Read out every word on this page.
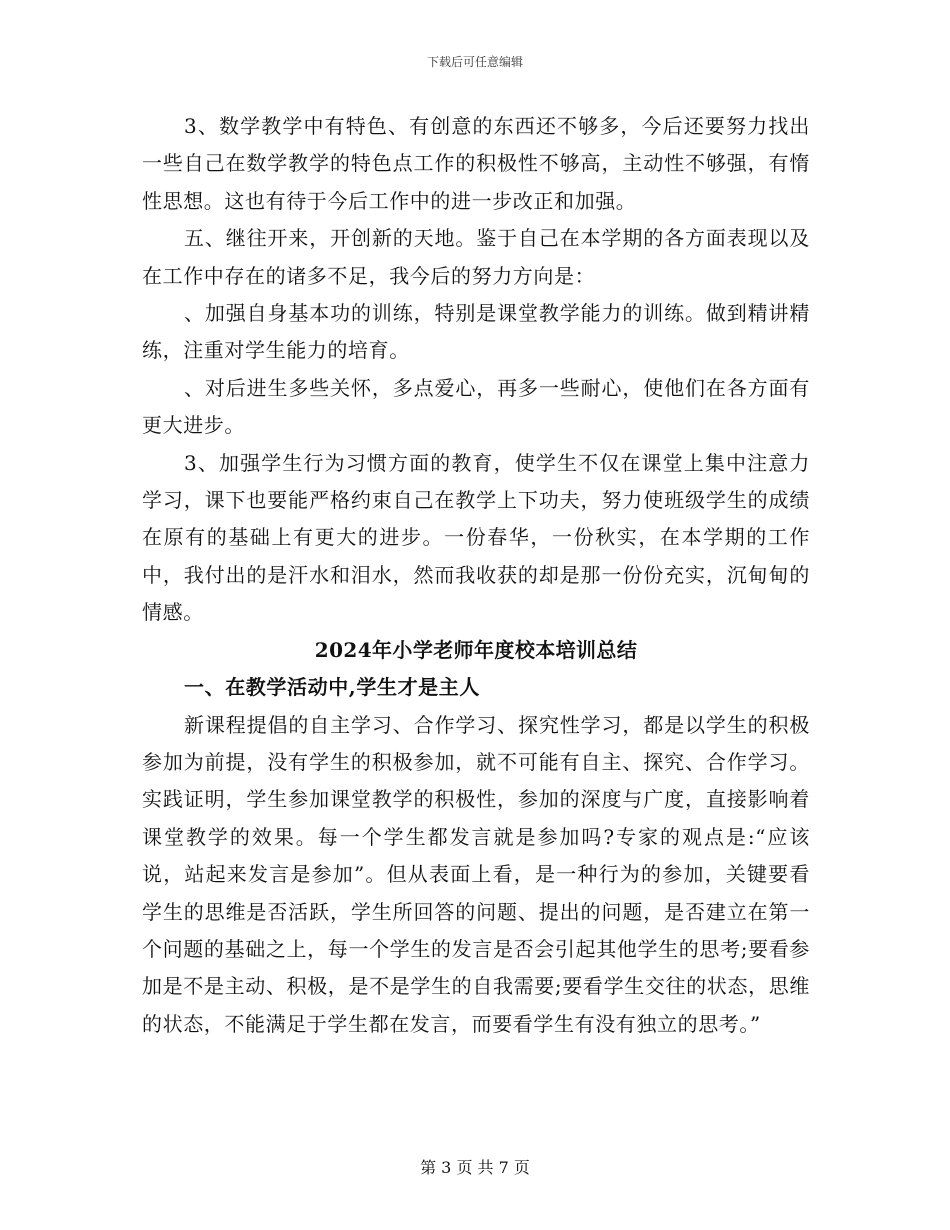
下载后可任意编辑

3、数学教学中有特色、有创意的东西还不够多，今后还要努力找出一些自己在数学教学的特色点工作的积极性不够高，主动性不够强，有惰性思想。这也有待于今后工作中的进一步改正和加强。

五、继往开来，开创新的天地。鉴于自己在本学期的各方面表现以及在工作中存在的诸多不足，我今后的努力方向是：

、加强自身基本功的训练，特别是课堂教学能力的训练。做到精讲精练，注重对学生能力的培育。

、对后进生多些关怀，多点爱心，再多一些耐心，使他们在各方面有更大进步。

3、加强学生行为习惯方面的教育，使学生不仅在课堂上集中注意力学习，课下也要能严格约束自己在教学上下功夫，努力使班级学生的成绩在原有的基础上有更大的进步。一份春华，一份秋实，在本学期的工作中，我付出的是汗水和泪水，然而我收获的却是那一份份充实，沉甸甸的情感。

2024年小学老师年度校本培训总结
一、在教学活动中,学生才是主人

新课程提倡的自主学习、合作学习、探究性学习，都是以学生的积极参加为前提，没有学生的积极参加，就不可能有自主、探究、合作学习。实践证明，学生参加课堂教学的积极性，参加的深度与广度，直接影响着课堂教学的效果。每一个学生都发言就是参加吗?专家的观点是:“应该说，站起来发言是参加”。但从表面上看，是一种行为的参加，关键要看学生的思维是否活跃，学生所回答的问题、提出的问题，是否建立在第一个问题的基础之上，每一个学生的发言是否会引起其他学生的思考;要看参加是不是主动、积极，是不是学生的自我需要;要看学生交往的状态，思维的状态，不能满足于学生都在发言，而要看学生有没有独立的思考。”

第 3 页 共 7 页
